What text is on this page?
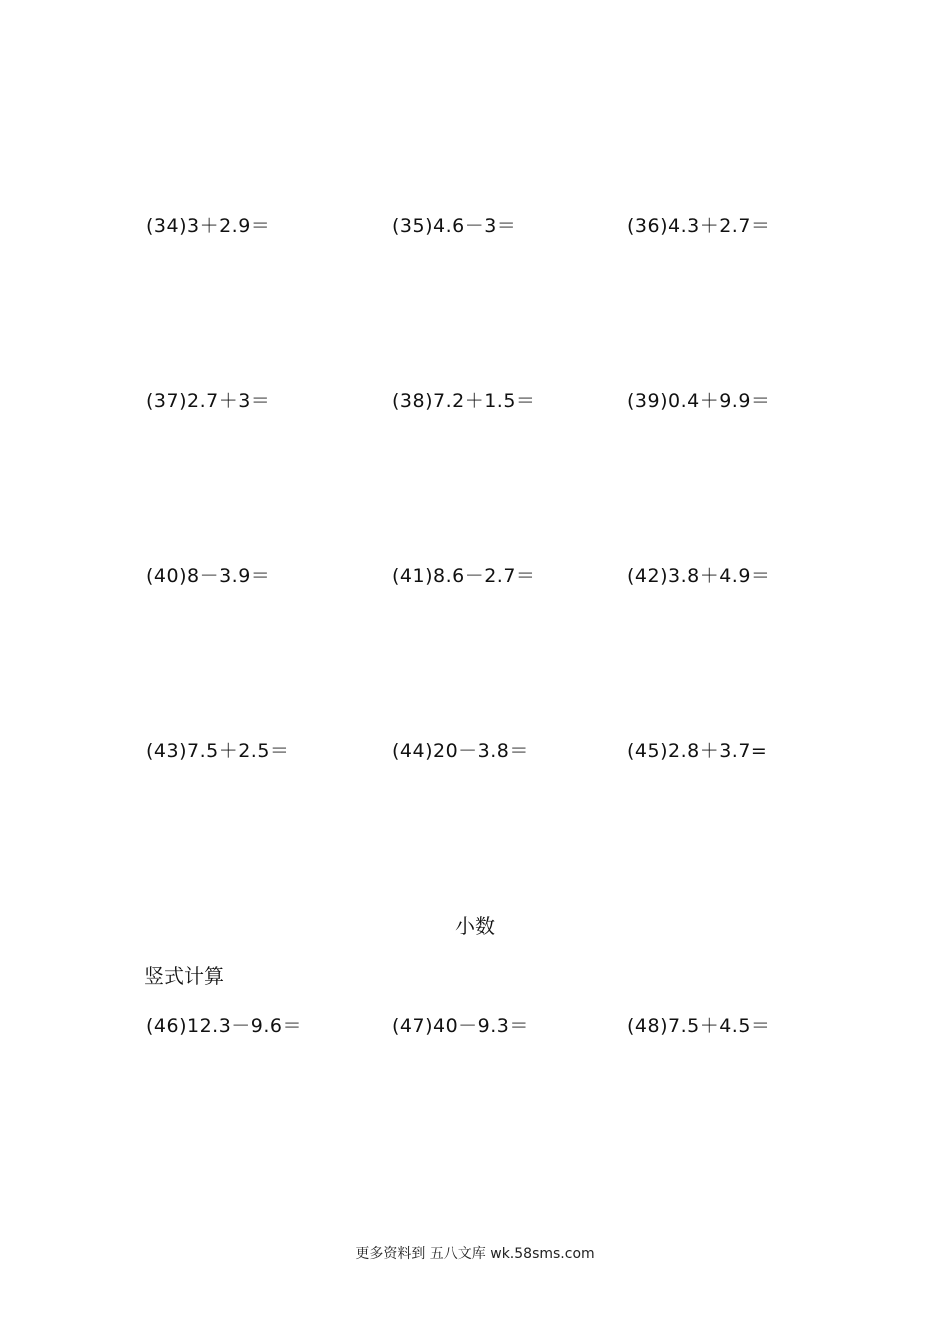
(34)3＋2.9＝	(35)4.6－3＝	(36)4.3＋2.7＝
(37)2.7＋3＝	(38)7.2＋1.5＝	(39)0.4＋9.9＝
(40)8－3.9＝	(41)8.6－2.7＝	(42)3.8＋4.9＝
(43)7.5＋2.5＝	(44)20－3.8＝	(45)2.8＋3.7=
小数
竖式计算
(46)12.3－9.6＝	(47)40－9.3＝	(48)7.5＋4.5＝
更多资料到 五八文库 wk.58sms.com
